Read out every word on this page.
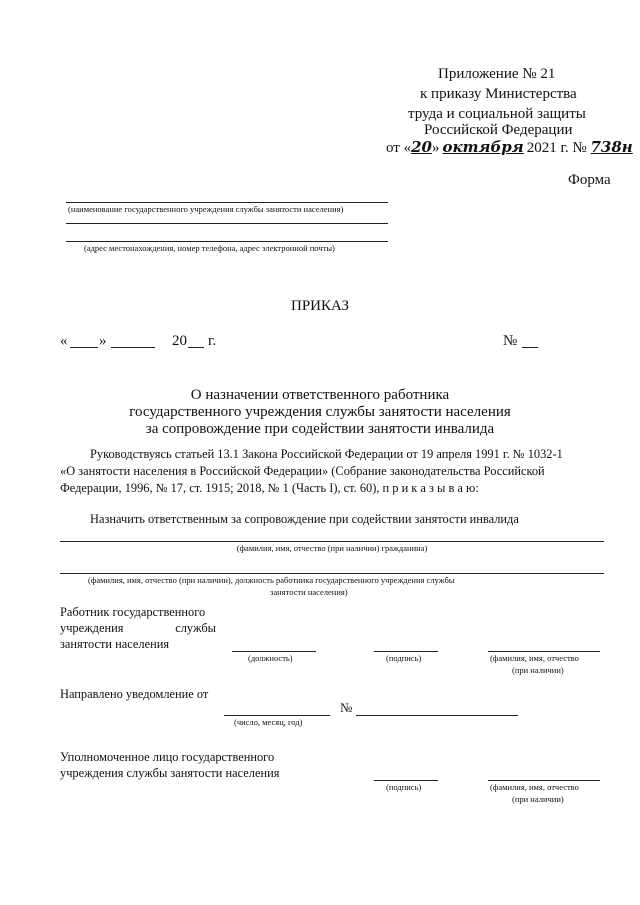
Приложение № 21
к приказу Министерства
труда и социальной защиты
Российской Федерации
от «20» октября 2021 г. № 738н
Форма
(наименование государственного учреждения службы занятости населения)
(адрес местонахождения, номер телефона, адрес электронной почты)
ПРИКАЗ
« »	20 г.	№
О назначении ответственного работника
государственного учреждения службы занятости населения
за сопровождение при содействии занятости инвалида
Руководствуясь статьей 13.1 Закона Российской Федерации от 19 апреля 1991 г. № 1032-1
«О занятости населения в Российской Федерации» (Собрание законодательства Российской
Федерации, 1996, № 17, ст. 1915; 2018, № 1 (Часть I), ст. 60), п р и к а з ы в а ю:
Назначить ответственным за сопровождение при содействии занятости инвалида
(фамилия, имя, отчество (при наличии) гражданина)
(фамилия, имя, отчество (при наличии), должность работника государственного учреждения службы
занятости населения)
Работник государственного
учреждения службы
занятости населения
(должность)	(подпись)	(фамилия, имя, отчество
(при наличии)
Направлено уведомление от
(число, месяц, год)
№
Уполномоченное лицо государственного
учреждения службы занятости населения
(подпись)	(фамилия, имя, отчество
(при наличии)
